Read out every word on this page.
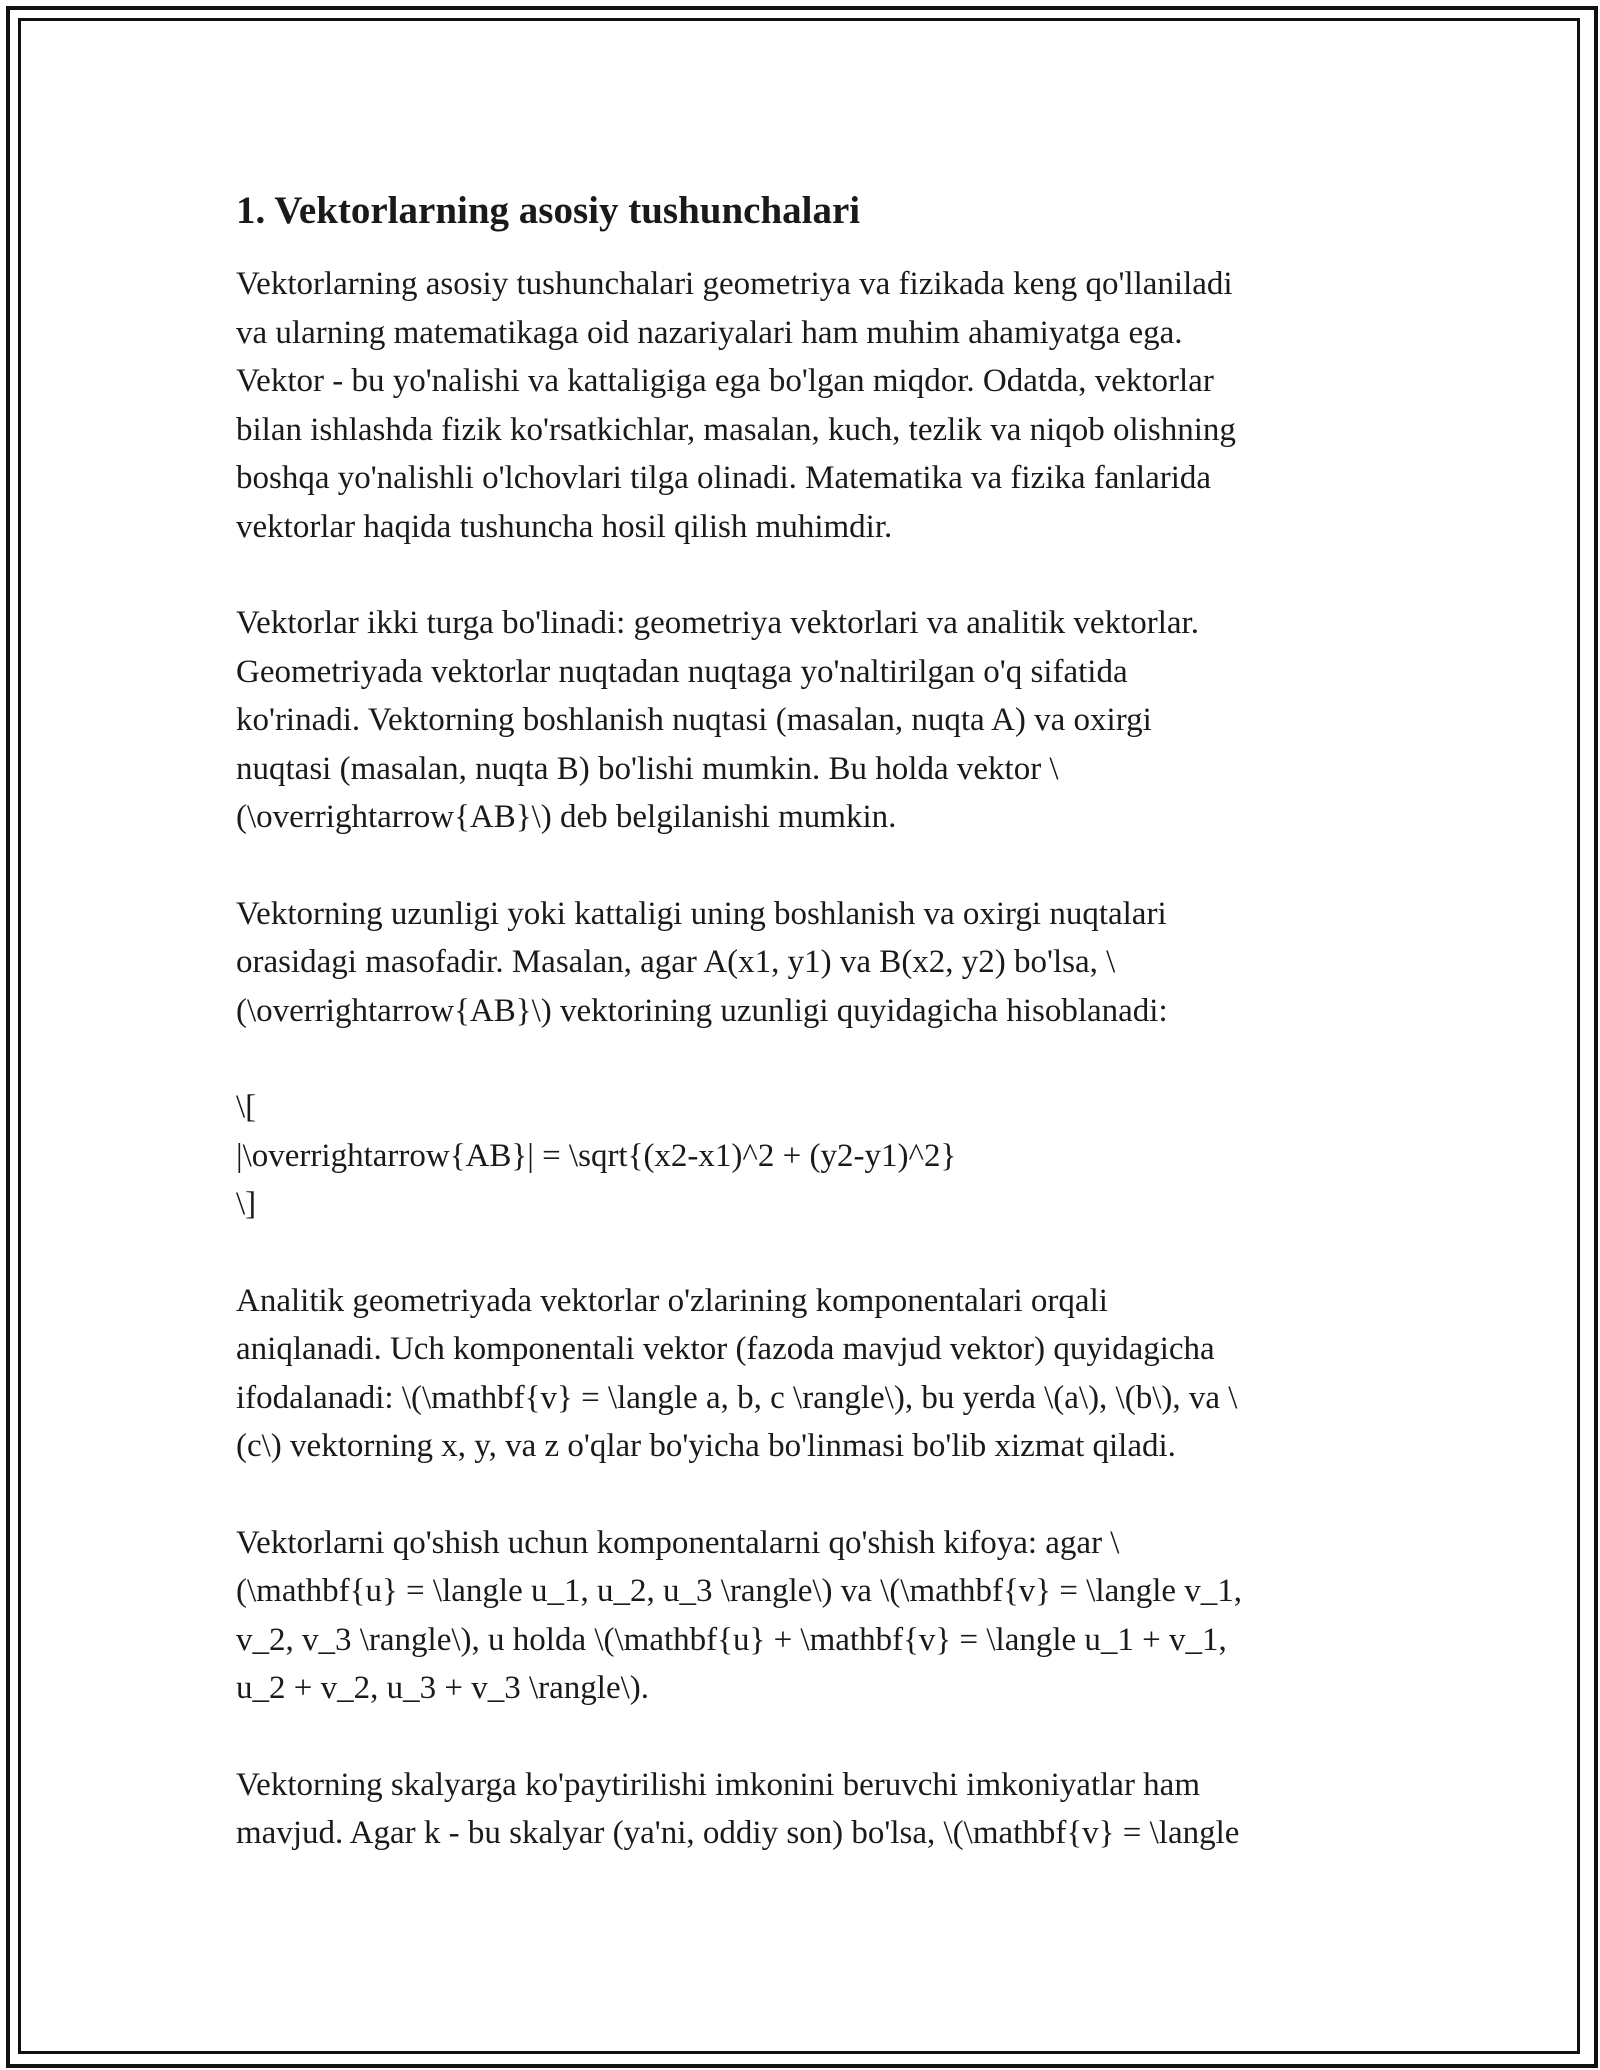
1. Vektorlarning asosiy tushunchalari

Vektorlarning asosiy tushunchalari geometriya va fizikada keng qo'llaniladi
va ularning matematikaga oid nazariyalari ham muhim ahamiyatga ega.
Vektor - bu yo'nalishi va kattaligiga ega bo'lgan miqdor. Odatda, vektorlar
bilan ishlashda fizik ko'rsatkichlar, masalan, kuch, tezlik va niqob olishning
boshqa yo'nalishli o'lchovlari tilga olinadi. Matematika va fizika fanlarida
vektorlar haqida tushuncha hosil qilish muhimdir.

Vektorlar ikki turga bo'linadi: geometriya vektorlari va analitik vektorlar.
Geometriyada vektorlar nuqtadan nuqtaga yo'naltirilgan o'q sifatida
ko'rinadi. Vektorning boshlanish nuqtasi (masalan, nuqta A) va oxirgi
nuqtasi (masalan, nuqta B) bo'lishi mumkin. Bu holda vektor \
(\overrightarrow{AB}\) deb belgilanishi mumkin.

Vektorning uzunligi yoki kattaligi uning boshlanish va oxirgi nuqtalari
orasidagi masofadir. Masalan, agar A(x1, y1) va B(x2, y2) bo'lsa, \
(\overrightarrow{AB}\) vektorining uzunligi quyidagicha hisoblanadi:

\[
|\overrightarrow{AB}| = \sqrt{(x2-x1)^2 + (y2-y1)^2}
\]

Analitik geometriyada vektorlar o'zlarining komponentalari orqali
aniqlanadi. Uch komponentali vektor (fazoda mavjud vektor) quyidagicha
ifodalanadi: \(\mathbf{v} = \langle a, b, c \rangle\), bu yerda \(a\), \(b\), va \
(c\) vektorning x, y, va z o'qlar bo'yicha bo'linmasi bo'lib xizmat qiladi.

Vektorlarni qo'shish uchun komponentalarni qo'shish kifoya: agar \
(\mathbf{u} = \langle u_1, u_2, u_3 \rangle\) va \(\mathbf{v} = \langle v_1,
v_2, v_3 \rangle\), u holda \(\mathbf{u} + \mathbf{v} = \langle u_1 + v_1,
u_2 + v_2, u_3 + v_3 \rangle\).

Vektorning skalyarga ko'paytirilishi imkonini beruvchi imkoniyatlar ham
mavjud. Agar k - bu skalyar (ya'ni, oddiy son) bo'lsa, \(\mathbf{v} = \langle
